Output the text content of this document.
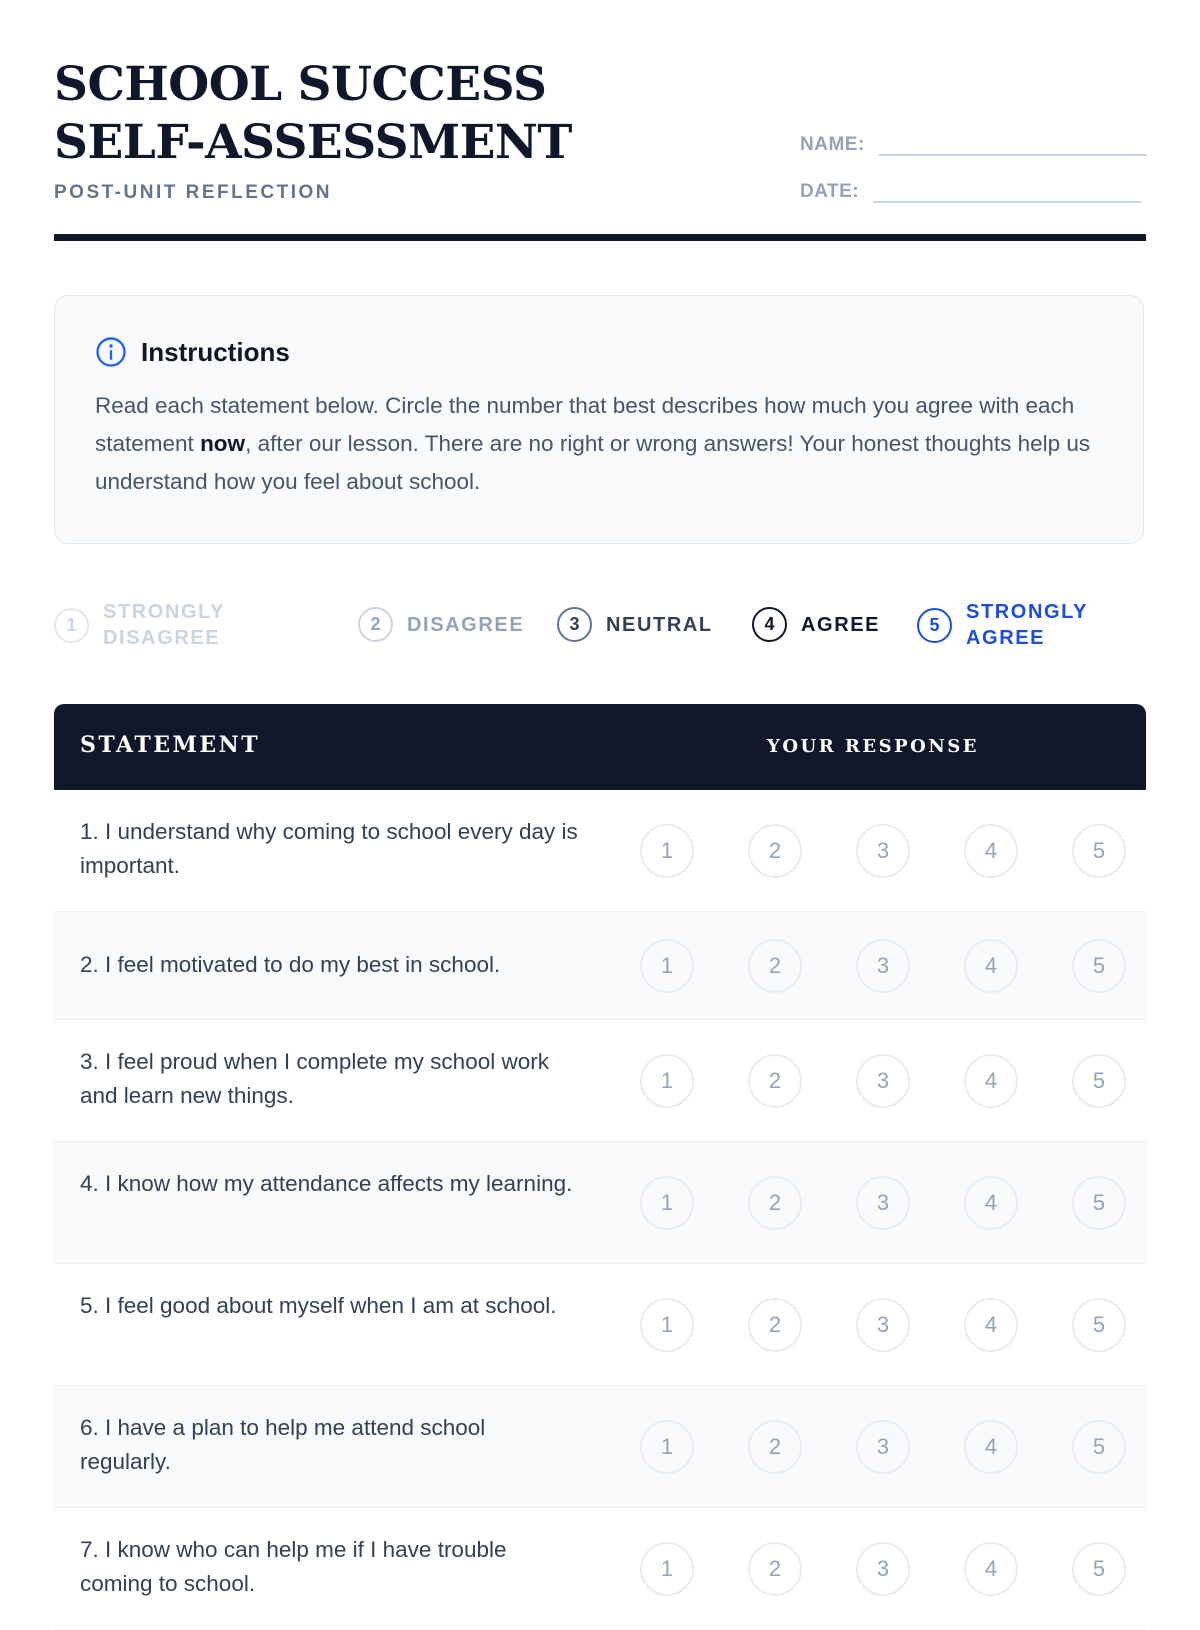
SCHOOL SUCCESS SELF-ASSESSMENT
POST-UNIT REFLECTION
NAME:
DATE:
Instructions
Read each statement below. Circle the number that best describes how much you agree with each statement now, after our lesson. There are no right or wrong answers! Your honest thoughts help us understand how you feel about school.
1
STRONGLY DISAGREE
2	DISAGREE	3	NEUTRAL	4	AGREE	5
STRONGLY AGREE
STATEMENT	YOUR RESPONSE
1. I understand why coming to school every day is important.
1	2	3	4	5
2. I feel motivated to do my best in school.	1	2	3	4	5
3. I feel proud when I complete my school work and learn new things.
1	2	3	4	5
4. I know how my attendance affects my learning.
1	2	3	4	5
5. I feel good about myself when I am at school.
1	2	3	4	5
6. I have a plan to help me attend school regularly.
1	2	3	4	5
7. I know who can help me if I have trouble coming to school.
1	2	3	4	5
